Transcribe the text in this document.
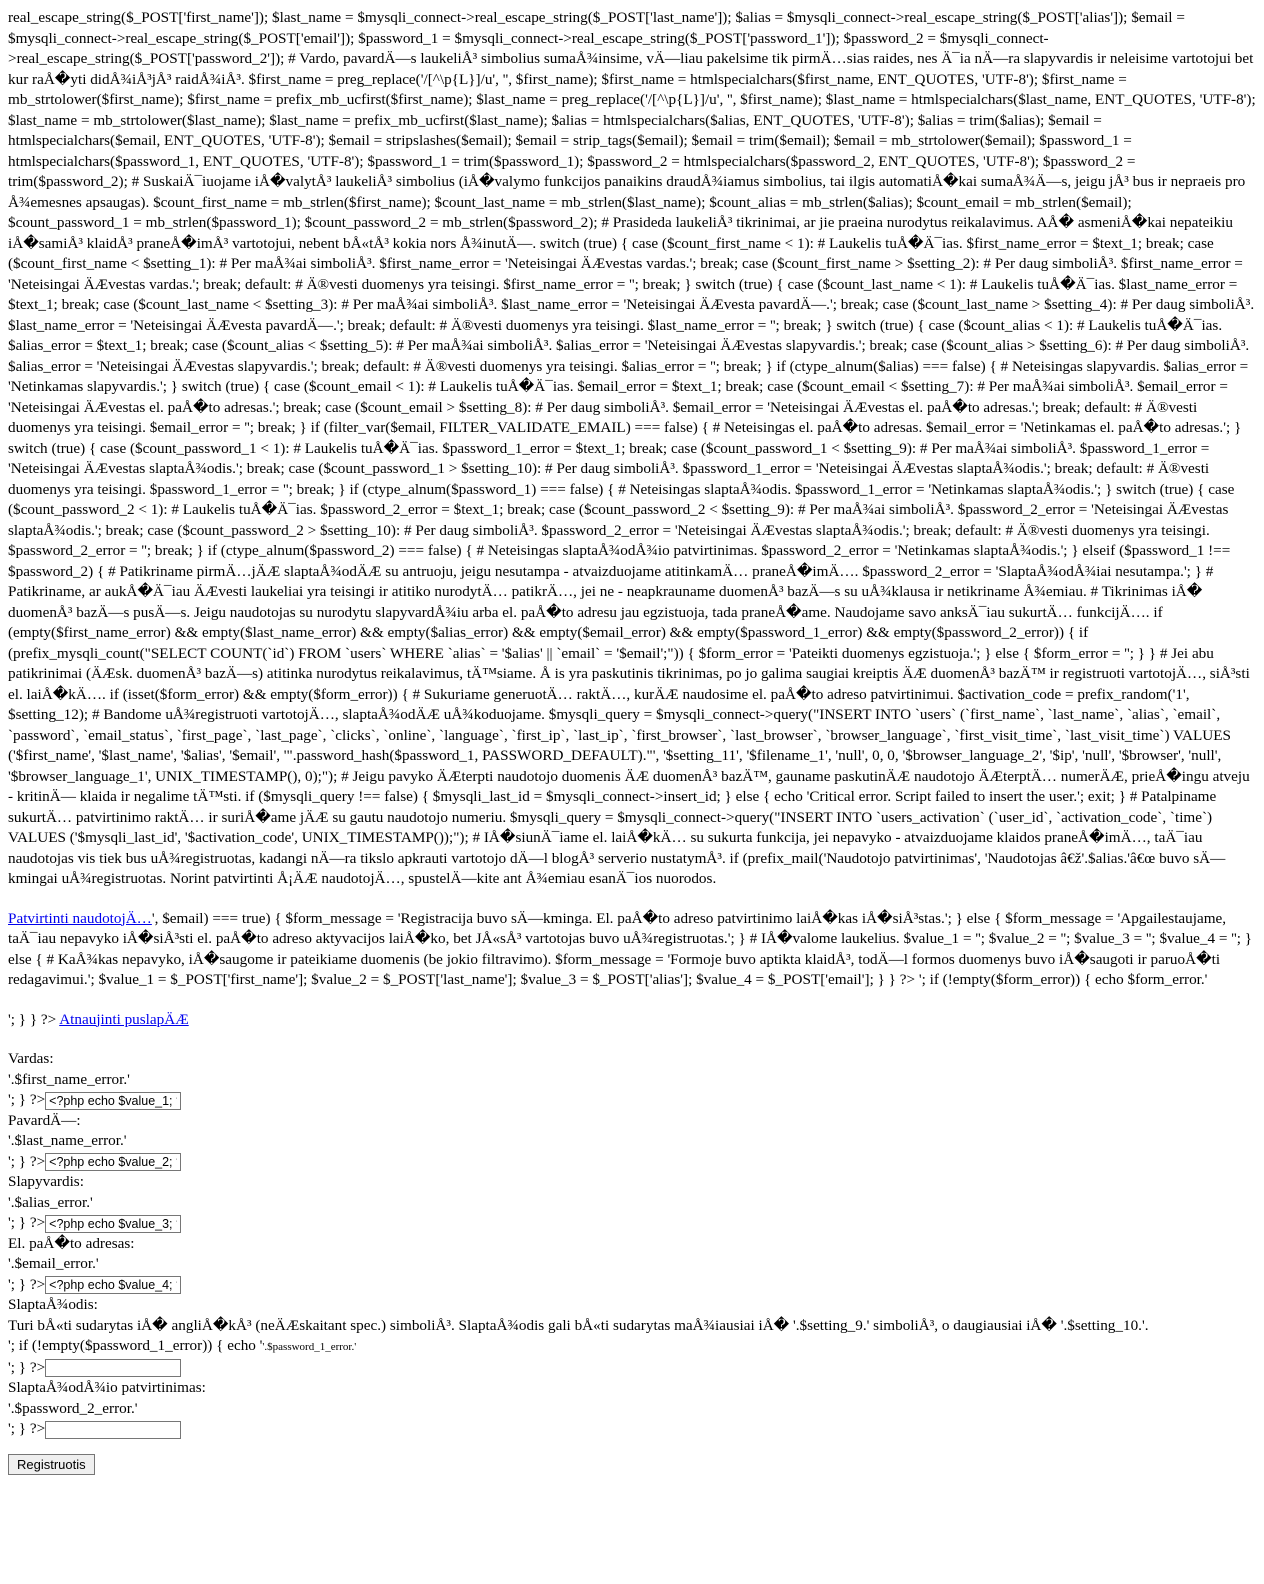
real_escape_string($_POST['first_name']); $last_name = $mysqli_connect->real_escape_string($_POST['last_name']); $alias = $mysqli_connect->real_escape_string($_POST['alias']); $email = $mysqli_connect->real_escape_string($_POST['email']); $password_1 = $mysqli_connect->real_escape_string($_POST['password_1']); $password_2 = $mysqli_connect->real_escape_string($_POST['password_2']); # Vardo, pavardÄ—s laukeliÅ³ simbolius sumaÅ¾insime, vÄ—liau pakelsime tik pirmÄ…sias raides, nes Ä¯ia nÄ—ra slapyvardis ir neleisime vartotojui bet kur raÅ�yti didÅ¾iÅ³jÅ³ raidÅ¾iÅ³. $first_name = preg_replace('/[^\p{L}]/u', '', $first_name); $first_name = htmlspecialchars($first_name, ENT_QUOTES, 'UTF-8'); $first_name = mb_strtolower($first_name); $first_name = prefix_mb_ucfirst($first_name); $last_name = preg_replace('/[^\p{L}]/u', '', $first_name); $last_name = htmlspecialchars($last_name, ENT_QUOTES, 'UTF-8'); $last_name = mb_strtolower($last_name); $last_name = prefix_mb_ucfirst($last_name); $alias = htmlspecialchars($alias, ENT_QUOTES, 'UTF-8'); $alias = trim($alias); $email = htmlspecialchars($email, ENT_QUOTES, 'UTF-8'); $email = stripslashes($email); $email = strip_tags($email); $email = trim($email); $email = mb_strtolower($email); $password_1 = htmlspecialchars($password_1, ENT_QUOTES, 'UTF-8'); $password_1 = trim($password_1); $password_2 = htmlspecialchars($password_2, ENT_QUOTES, 'UTF-8'); $password_2 = trim($password_2); # SuskaiÄ¯iuojame iÅ�valytÅ³ laukeliÅ³ simbolius (iÅ�valymo funkcijos panaikins draudÅ¾iamus simbolius, tai ilgis automatiÅ�kai sumaÅ¾Ä—s, jeigu jÅ³ bus ir nepraeis pro Å¾emesnes apsaugas). $count_first_name = mb_strlen($first_name); $count_last_name = mb_strlen($last_name); $count_alias = mb_strlen($alias); $count_email = mb_strlen($email); $count_password_1 = mb_strlen($password_1); $count_password_2 = mb_strlen($password_2); # Prasideda laukeliÅ³ tikrinimai, ar jie praeina nurodytus reikalavimus. AÅ� asmeniÅ�kai nepateikiu iÅ�samiÅ³ klaidÅ³ praneÅ�imÅ³ vartotojui, nebent bÅ«tÅ³ kokia nors Å¾inutÄ—. switch (true) { case ($count_first_name < 1): # Laukelis tuÅ�Ä¯ias. $first_name_error = $text_1; break; case ($count_first_name < $setting_1): # Per maÅ¾ai simboliÅ³. $first_name_error = 'Neteisingai ÄÆvestas vardas.'; break; case ($count_first_name > $setting_2): # Per daug simboliÅ³. $first_name_error = 'Neteisingai ÄÆvestas vardas.'; break; default: # Ä®vesti duomenys yra teisingi. $first_name_error = ''; break; } switch (true) { case ($count_last_name < 1): # Laukelis tuÅ�Ä¯ias. $last_name_error = $text_1; break; case ($count_last_name < $setting_3): # Per maÅ¾ai simboliÅ³. $last_name_error = 'Neteisingai ÄÆvesta pavardÄ—.'; break; case ($count_last_name > $setting_4): # Per daug simboliÅ³. $last_name_error = 'Neteisingai ÄÆvesta pavardÄ—.'; break; default: # Ä®vesti duomenys yra teisingi. $last_name_error = ''; break; } switch (true) { case ($count_alias < 1): # Laukelis tuÅ�Ä¯ias. $alias_error = $text_1; break; case ($count_alias < $setting_5): # Per maÅ¾ai simboliÅ³. $alias_error = 'Neteisingai ÄÆvestas slapyvardis.'; break; case ($count_alias > $setting_6): # Per daug simboliÅ³. $alias_error = 'Neteisingai ÄÆvestas slapyvardis.'; break; default: # Ä®vesti duomenys yra teisingi. $alias_error = ''; break; } if (ctype_alnum($alias) === false) { # Neteisingas slapyvardis. $alias_error = 'Netinkamas slapyvardis.'; } switch (true) { case ($count_email < 1): # Laukelis tuÅ�Ä¯ias. $email_error = $text_1; break; case ($count_email < $setting_7): # Per maÅ¾ai simboliÅ³. $email_error = 'Neteisingai ÄÆvestas el. paÅ�to adresas.'; break; case ($count_email > $setting_8): # Per daug simboliÅ³. $email_error = 'Neteisingai ÄÆvestas el. paÅ�to adresas.'; break; default: # Ä®vesti duomenys yra teisingi. $email_error = ''; break; } if (filter_var($email, FILTER_VALIDATE_EMAIL) === false) { # Neteisingas el. paÅ�to adresas. $email_error = 'Netinkamas el. paÅ�to adresas.'; } switch (true) { case ($count_password_1 < 1): # Laukelis tuÅ�Ä¯ias. $password_1_error = $text_1; break; case ($count_password_1 < $setting_9): # Per maÅ¾ai simboliÅ³. $password_1_error = 'Neteisingai ÄÆvestas slaptaÅ¾odis.'; break; case ($count_password_1 > $setting_10): # Per daug simboliÅ³. $password_1_error = 'Neteisingai ÄÆvestas slaptaÅ¾odis.'; break; default: # Ä®vesti duomenys yra teisingi. $password_1_error = ''; break; } if (ctype_alnum($password_1) === false) { # Neteisingas slaptaÅ¾odis. $password_1_error = 'Netinkamas slaptaÅ¾odis.'; } switch (true) { case ($count_password_2 < 1): # Laukelis tuÅ�Ä¯ias. $password_2_error = $text_1; break; case ($count_password_2 < $setting_9): # Per maÅ¾ai simboliÅ³. $password_2_error = 'Neteisingai ÄÆvestas slaptaÅ¾odis.'; break; case ($count_password_2 > $setting_10): # Per daug simboliÅ³. $password_2_error = 'Neteisingai ÄÆvestas slaptaÅ¾odis.'; break; default: # Ä®vesti duomenys yra teisingi. $password_2_error = ''; break; } if (ctype_alnum($password_2) === false) { # Neteisingas slaptaÅ¾odÅ¾io patvirtinimas. $password_2_error = 'Netinkamas slaptaÅ¾odis.'; } elseif ($password_1 !== $password_2) { # Patikriname pirmÄ…jÄÆ slaptaÅ¾odÄÆ su antruoju, jeigu nesutampa - atvaizduojame atitinkamÄ… praneÅ�imÄ…. $password_2_error = 'SlaptaÅ¾odÅ¾iai nesutampa.'; } # Patikriname, ar aukÅ�Ä¯iau ÄÆvesti laukeliai yra teisingi ir atitiko nurodytÄ… patikrÄ…, jei ne - neapkrauname duomenÅ³ bazÄ—s su uÅ¾klausa ir netikriname Å¾emiau. # Tikrinimas iÅ� duomenÅ³ bazÄ—s pusÄ—s. Jeigu naudotojas su nurodytu slapyvardÅ¾iu arba el. paÅ�to adresu jau egzistuoja, tada praneÅ�ame. Naudojame savo anksÄ¯iau sukurtÄ… funkcijÄ…. if (empty($first_name_error) && empty($last_name_error) && empty($alias_error) && empty($email_error) && empty($password_1_error) && empty($password_2_error)) { if (prefix_mysqli_count("SELECT COUNT(`id`) FROM `users` WHERE `alias` = '$alias' || `email` = '$email';")) { $form_error = 'Pateikti duomenys egzistuoja.'; } else { $form_error = ''; } } # Jei abu patikrinimai (ÄÆsk. duomenÅ³ bazÄ—s) atitinka nurodytus reikalavimus, tÄ™siame. Å is yra paskutinis tikrinimas, po jo galima saugiai kreiptis ÄÆ duomenÅ³ bazÄ™ ir registruoti vartotojÄ…, siÅ³sti el. laiÅ�kÄ…. if (isset($form_error) && empty($form_error)) { # Sukuriame generuotÄ… raktÄ…, kurÄÆ naudosime el. paÅ�to adreso patvirtinimui. $activation_code = prefix_random('1', $setting_12); # Bandome uÅ¾registruoti vartotojÄ…, slaptaÅ¾odÄÆ uÅ¾koduojame. $mysqli_query = $mysqli_connect->query("INSERT INTO `users` (`first_name`, `last_name`, `alias`, `email`, `password`, `email_status`, `first_page`, `last_page`, `clicks`, `online`, `language`, `first_ip`, `last_ip`, `first_browser`, `last_browser`, `browser_language`, `first_visit_time`, `last_visit_time`) VALUES ('$first_name', '$last_name', '$alias', '$email', '".password_hash($password_1, PASSWORD_DEFAULT)."', '$setting_11', '$filename_1', 'null', 0, 0, '$browser_language_2', '$ip', 'null', '$browser', 'null', '$browser_language_1', UNIX_TIMESTAMP(), 0);"); # Jeigu pavyko ÄÆterpti naudotojo duomenis ÄÆ duomenÅ³ bazÄ™, gauname paskutinÄÆ naudotojo ÄÆterptÄ… numerÄÆ, prieÅ�ingu atveju - kritinÄ— klaida ir negalime tÄ™sti. if ($mysqli_query !== false) { $mysqli_last_id = $mysqli_connect->insert_id; } else { echo 'Critical error. Script failed to insert the user.'; exit; } # Patalpiname sukurtÄ… patvirtinimo raktÄ… ir suriÅ�ame jÄÆ su gautu naudotojo numeriu. $mysqli_query = $mysqli_connect->query("INSERT INTO `users_activation` (`user_id`, `activation_code`, `time`) VALUES ('$mysqli_last_id', '$activation_code', UNIX_TIMESTAMP());"); # IÅ�siunÄ¯iame el. laiÅ�kÄ… su sukurta funkcija, jei nepavyko - atvaizduojame klaidos praneÅ�imÄ…, taÄ¯iau naudotojas vis tiek bus uÅ¾registruotas, kadangi nÄ—ra tikslo apkrauti vartotojo dÄ—l blogÅ³ serverio nustatymÅ³. if (prefix_mail('Naudotojo patvirtinimas', 'Naudotojas â€ž'.$alias.'â€œ buvo sÄ—kmingai uÅ¾registruotas. Norint patvirtinti Å¡ÄÆ naudotojÄ…, spustelÄ—kite ant Å¾emiau esanÄ¯ios nuorodos.

Patvirtinti naudotojÄ…', $email) === true) { $form_message = 'Registracija buvo sÄ—kminga. El. paÅ�to adreso patvirtinimo laiÅ�kas iÅ�siÅ³stas.'; } else { $form_message = 'Apgailestaujame, taÄ¯iau nepavyko iÅ�siÅ³sti el. paÅ�to adreso aktyvacijos laiÅ�ko, bet JÅ«sÅ³ vartotojas buvo uÅ¾registruotas.'; } # IÅ�valome laukelius. $value_1 = ''; $value_2 = ''; $value_3 = ''; $value_4 = ''; } else { # KaÅ¾kas nepavyko, iÅ�saugome ir pateikiame duomenis (be jokio filtravimo). $form_message = 'Formoje buvo aptikta klaidÅ³, todÄ—l formos duomenys buvo iÅ�saugoti ir paruoÅ�ti redagavimui.'; $value_1 = $_POST['first_name']; $value_2 = $_POST['last_name']; $value_3 = $_POST['alias']; $value_4 = $_POST['email']; } } ?> '; if (!empty($form_error)) { echo $form_error.'

'; } } ?> Atnaujinti puslapÄÆ

Vardas:
'.$first_name_error.'
'; } ?><?php echo $value_1; ?>
PavardÄ—:
'.$last_name_error.'
'; } ?><?php echo $value_2; ?>
Slapyvardis:
'.$alias_error.'
'; } ?><?php echo $value_3; ?>
El. paÅ�to adresas:
'.$email_error.'
'; } ?><?php echo $value_4; ?>
SlaptaÅ¾odis:
Turi bÅ«ti sudarytas iÅ� angliÅ�kÅ³ (neÄÆskaitant spec.) simboliÅ³. SlaptaÅ¾odis gali bÅ«ti sudarytas maÅ¾iausiai iÅ� '.$setting_9.' simboliÅ³, o daugiausiai iÅ� '.$setting_10.'.
'; if (!empty($password_1_error)) { echo ''.$password_1_error.'
'; } ?>
SlaptaÅ¾odÅ¾io patvirtinimas:
'.$password_2_error.'
'; } ?>
Registruotis
